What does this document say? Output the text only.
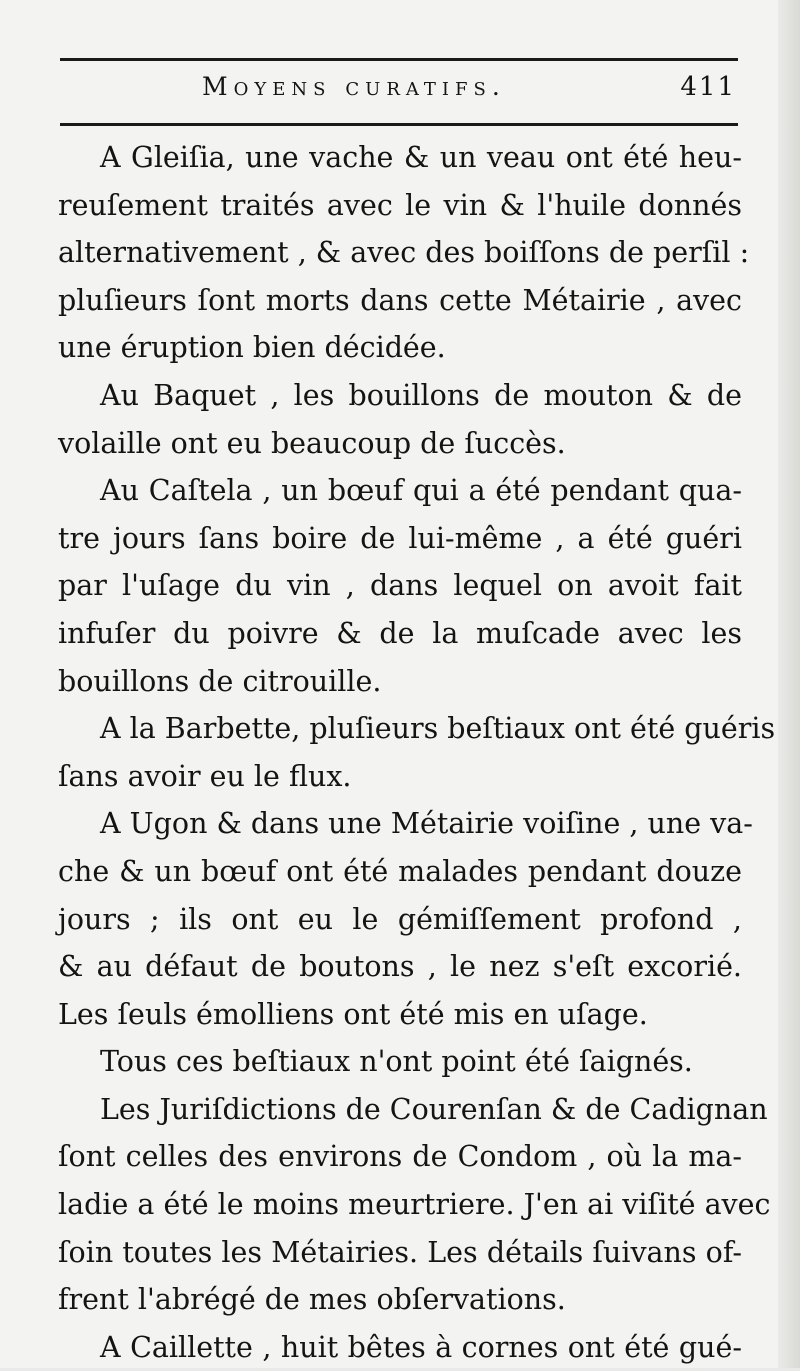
Moyens curatifs.	411
A Gleiſia, une vache & un veau ont été heu-
reuſement traités avec le vin & l'huile donnés
alternativement , & avec des boiſſons de perſil :
pluſieurs ſont morts dans cette Métairie , avec
une éruption bien décidée.
Au Baquet , les bouillons de mouton & de
volaille ont eu beaucoup de ſuccès.
Au Caſtela , un bœuf qui a été pendant qua-
tre jours ſans boire de lui-même , a été guéri
par l'uſage du vin , dans lequel on avoit fait
infuſer du poivre & de la muſcade avec les
bouillons de citrouille.
A la Barbette, pluſieurs beſtiaux ont été guéris
ſans avoir eu le flux.
A Ugon & dans une Métairie voiſine , une va-
che & un bœuf ont été malades pendant douze
jours ; ils ont eu le gémiſſement profond ,
& au défaut de boutons , le nez s'eſt excorié.
Les ſeuls émolliens ont été mis en uſage.
Tous ces beſtiaux n'ont point été ſaignés.
Les Juriſdictions de Courenſan & de Cadignan
ſont celles des environs de Condom , où la ma-
ladie a été le moins meurtriere. J'en ai viſité avec
ſoin toutes les Métairies. Les détails ſuivans of-
frent l'abrégé de mes obſervations.
A Caillette , huit bêtes à cornes ont été gué-
